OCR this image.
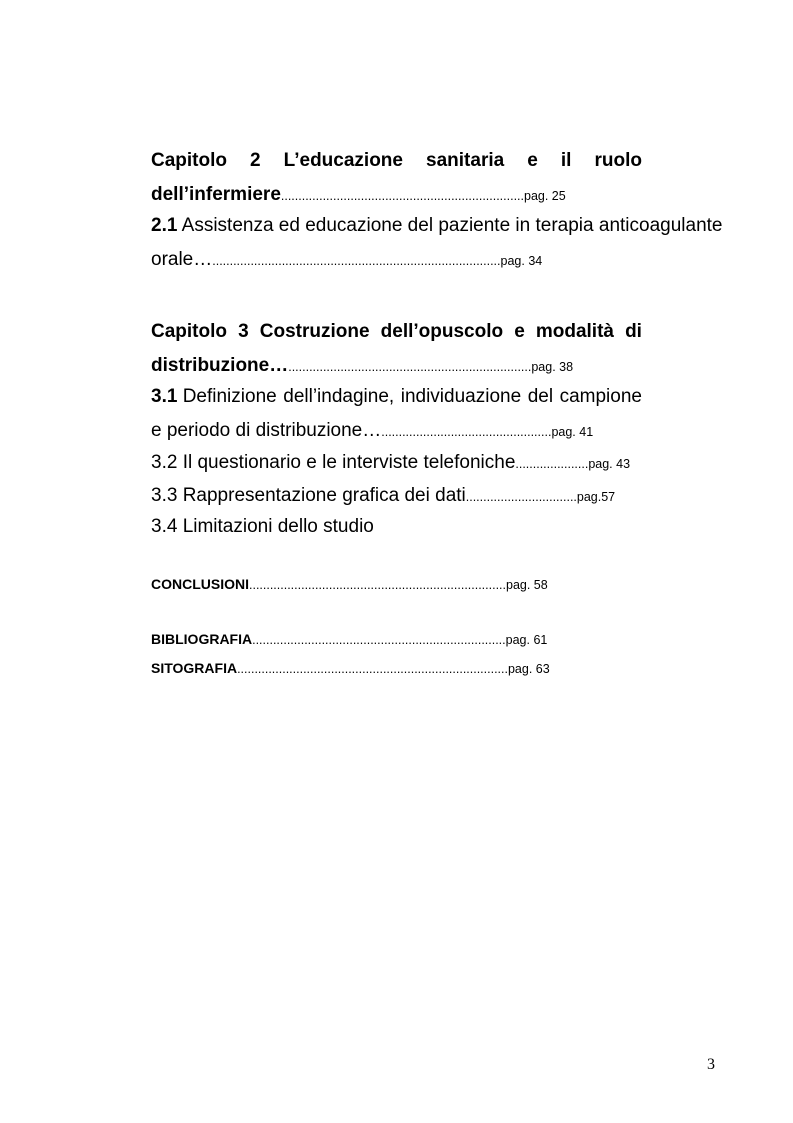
Capitolo 2 L’educazione sanitaria e il ruolo
dell’infermiere......................................................................pag. 25
2.1 Assistenza ed educazione del paziente in terapia anticoagulante
orale…...................................................................................pag. 34
Capitolo 3 Costruzione dell’opuscolo e modalità di
distribuzione…......................................................................pag. 38
3.1 Definizione dell’indagine, individuazione del campione
e periodo di distribuzione….................................................pag. 41
3.2 Il questionario e le interviste telefoniche.....................pag. 43
3.3 Rappresentazione grafica dei dati................................pag.57
3.4 Limitazioni dello studio
CONCLUSIONI..........................................................................pag. 58
BIBLIOGRAFIA.........................................................................pag. 61
SITOGRAFIA..............................................................................pag. 63
3
